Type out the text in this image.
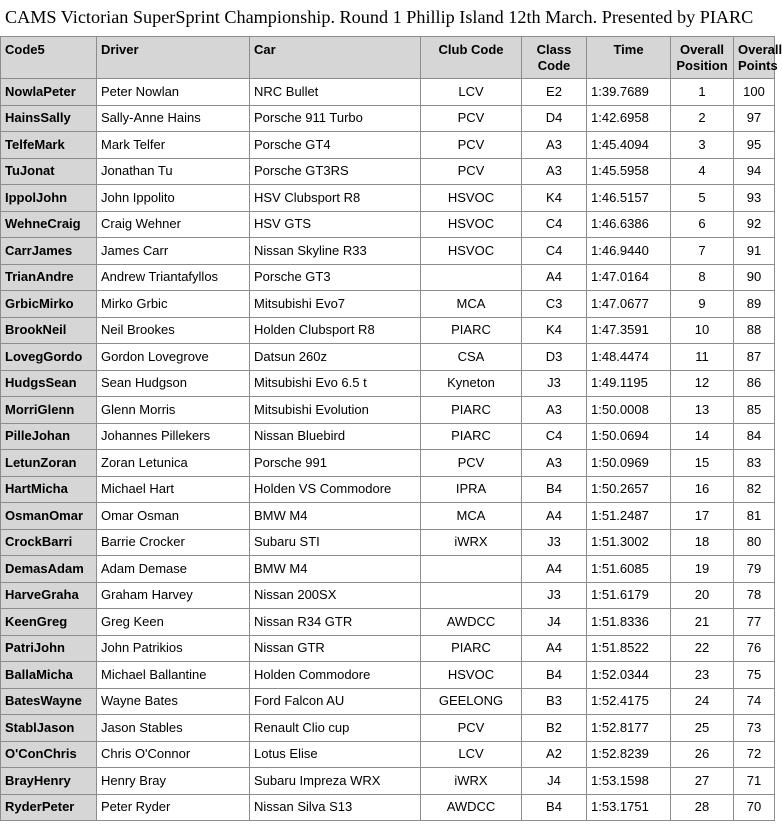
CAMS Victorian SuperSprint Championship. Round 1 Phillip Island 12th March. Presented by PIARC
Code5	Driver	Car	Club Code	Class Code	Time	Overall Position	Overall Points
NowlaPeter	Peter Nowlan	NRC Bullet	LCV	E2	1:39.7689	1	100
HainsSally	Sally-Anne Hains	Porsche 911 Turbo	PCV	D4	1:42.6958	2	97
TelfeMark	Mark Telfer	Porsche GT4	PCV	A3	1:45.4094	3	95
TuJonat	Jonathan Tu	Porsche GT3RS	PCV	A3	1:45.5958	4	94
IppolJohn	John Ippolito	HSV Clubsport R8	HSVOC	K4	1:46.5157	5	93
WehneCraig	Craig Wehner	HSV GTS	HSVOC	C4	1:46.6386	6	92
CarrJames	James Carr	Nissan Skyline R33	HSVOC	C4	1:46.9440	7	91
TrianAndre	Andrew Triantafyllos	Porsche GT3		A4	1:47.0164	8	90
GrbicMirko	Mirko Grbic	Mitsubishi Evo7	MCA	C3	1:47.0677	9	89
BrookNeil	Neil Brookes	Holden Clubsport R8	PIARC	K4	1:47.3591	10	88
LovegGordo	Gordon Lovegrove	Datsun 260z	CSA	D3	1:48.4474	11	87
HudgsSean	Sean Hudgson	Mitsubishi Evo 6.5 t	Kyneton	J3	1:49.1195	12	86
MorriGlenn	Glenn Morris	Mitsubishi Evolution	PIARC	A3	1:50.0008	13	85
PilleJohan	Johannes Pillekers	Nissan Bluebird	PIARC	C4	1:50.0694	14	84
LetunZoran	Zoran Letunica	Porsche 991	PCV	A3	1:50.0969	15	83
HartMicha	Michael Hart	Holden VS Commodore	IPRA	B4	1:50.2657	16	82
OsmanOmar	Omar Osman	BMW M4	MCA	A4	1:51.2487	17	81
CrockBarri	Barrie Crocker	Subaru STI	iWRX	J3	1:51.3002	18	80
DemasAdam	Adam Demase	BMW M4		A4	1:51.6085	19	79
HarveGraha	Graham Harvey	Nissan 200SX		J3	1:51.6179	20	78
KeenGreg	Greg Keen	Nissan R34 GTR	AWDCC	J4	1:51.8336	21	77
PatriJohn	John Patrikios	Nissan GTR	PIARC	A4	1:51.8522	22	76
BallaMicha	Michael Ballantine	Holden Commodore	HSVOC	B4	1:52.0344	23	75
BatesWayne	Wayne Bates	Ford Falcon AU	GEELONG	B3	1:52.4175	24	74
StablJason	Jason Stables	Renault Clio cup	PCV	B2	1:52.8177	25	73
O'ConChris	Chris O'Connor	Lotus Elise	LCV	A2	1:52.8239	26	72
BrayHenry	Henry Bray	Subaru Impreza WRX	iWRX	J4	1:53.1598	27	71
RyderPeter	Peter Ryder	Nissan Silva S13	AWDCC	B4	1:53.1751	28	70
